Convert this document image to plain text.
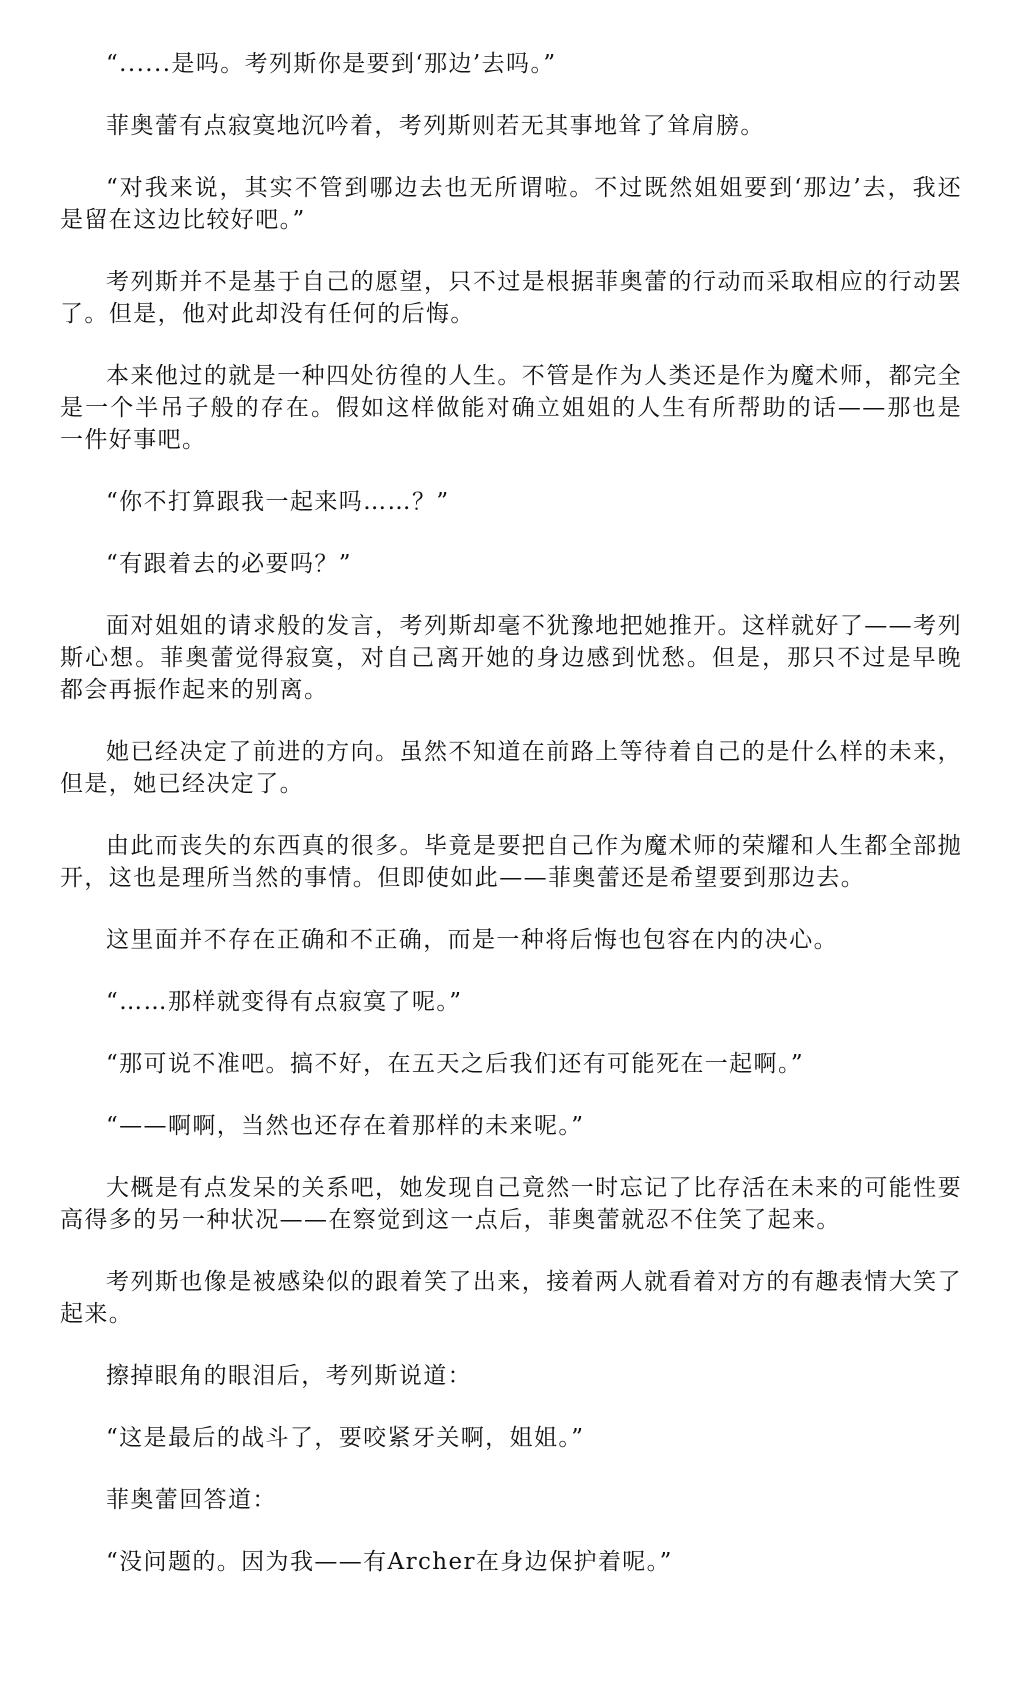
“......是吗。考列斯你是要到‘那边’去吗。”

菲奥蕾有点寂寞地沉吟着，考列斯则若无其事地耸了耸肩膀。

“对我来说，其实不管到哪边去也无所谓啦。不过既然姐姐要到‘那边’去，我还是留在这边比较好吧。”

考列斯并不是基于自己的愿望，只不过是根据菲奥蕾的行动而采取相应的行动罢了。但是，他对此却没有任何的后悔。

本来他过的就是一种四处彷徨的人生。不管是作为人类还是作为魔术师，都完全是一个半吊子般的存在。假如这样做能对确立姐姐的人生有所帮助的话——那也是一件好事吧。

“你不打算跟我一起来吗……？”

“有跟着去的必要吗？”

面对姐姐的请求般的发言，考列斯却毫不犹豫地把她推开。这样就好了——考列斯心想。菲奥蕾觉得寂寞，对自己离开她的身边感到忧愁。但是，那只不过是早晚都会再振作起来的别离。

她已经决定了前进的方向。虽然不知道在前路上等待着自己的是什么样的未来，但是，她已经决定了。

由此而丧失的东西真的很多。毕竟是要把自己作为魔术师的荣耀和人生都全部抛开，这也是理所当然的事情。但即使如此——菲奥蕾还是希望要到那边去。

这里面并不存在正确和不正确，而是一种将后悔也包容在内的决心。

“……那样就变得有点寂寞了呢。”

“那可说不准吧。搞不好，在五天之后我们还有可能死在一起啊。”

“——啊啊，当然也还存在着那样的未来呢。”

大概是有点发呆的关系吧，她发现自己竟然一时忘记了比存活在未来的可能性要高得多的另一种状况——在察觉到这一点后，菲奥蕾就忍不住笑了起来。

考列斯也像是被感染似的跟着笑了出来，接着两人就看着对方的有趣表情大笑了起来。

擦掉眼角的眼泪后，考列斯说道：

“这是最后的战斗了，要咬紧牙关啊，姐姐。”

菲奥蕾回答道：

“没问题的。因为我——有Archer在身边保护着呢。”
